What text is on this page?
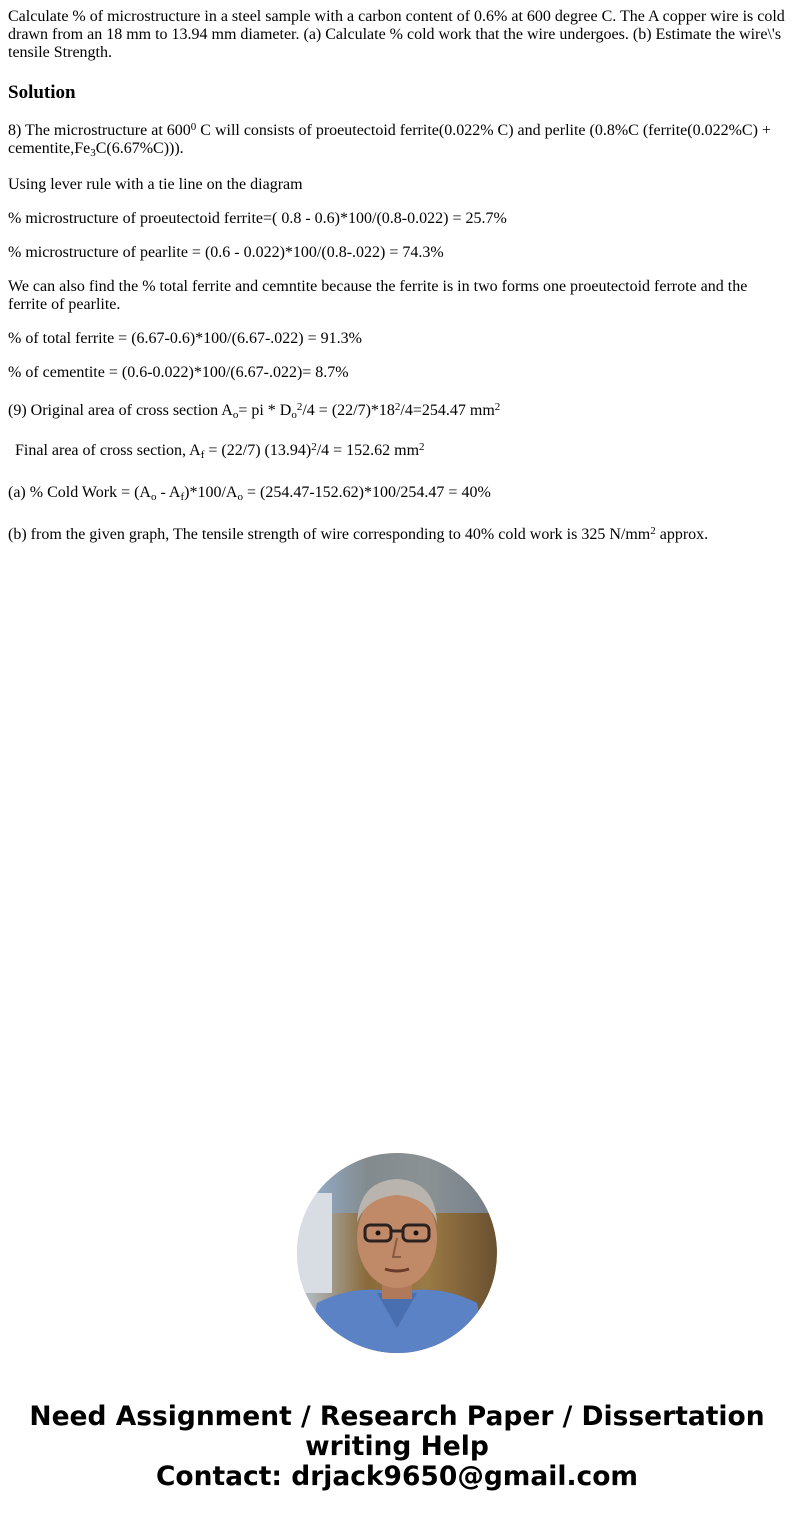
Calculate % of microstructure in a steel sample with a carbon content of 0.6% at 600 degree C. The A copper wire is cold drawn from an 18 mm to 13.94 mm diameter. (a) Calculate % cold work that the wire undergoes. (b) Estimate the wire\'s tensile Strength.
Solution
8) The microstructure at $600^0$ C will consists of proeutectoid ferrite(0.022% C) and perlite (0.8%C (ferrite(0.022%C) + $cementite,Fe_3C(6.67\%C)$)).
Using lever rule with a tie line on the diagram
% microstructure of proeutectoid ferrite=( 0.8 - 0.6)*100/(0.8-0.022) = 25.7%
% microstructure of pearlite = (0.6 - 0.022)*100/(0.8-.022) = 74.3%
We can also find the % total ferrite and cemntite because the ferrite is in two forms one proeutectoid ferrote and the ferrite of pearlite.
% of total ferrite = (6.67-0.6)*100/(6.67-.022) = 91.3%
% of cementite = (0.6-0.022)*100/(6.67-.022)= 8.7%
(9) Original area of cross section $A_o=$ pi * $D_o^2/4 = (22/7)*18^2/4=254.47$ $mm^2$
Final area of cross section, $A_f = (22/7) (13.94)^2/4 = 152.62$ $mm^2$
(a) % Cold Work = $(A_o - A_f)*100/A_o = (254.47-152.62)*100/254.47 = 40\%$
(b) from the given graph, The tensile strength of wire corresponding to 40% cold work is 325 $N/mm^2$ approx.
Need Assignment / Research Paper / Dissertation
writing Help
Contact: drjack9650@gmail.com
